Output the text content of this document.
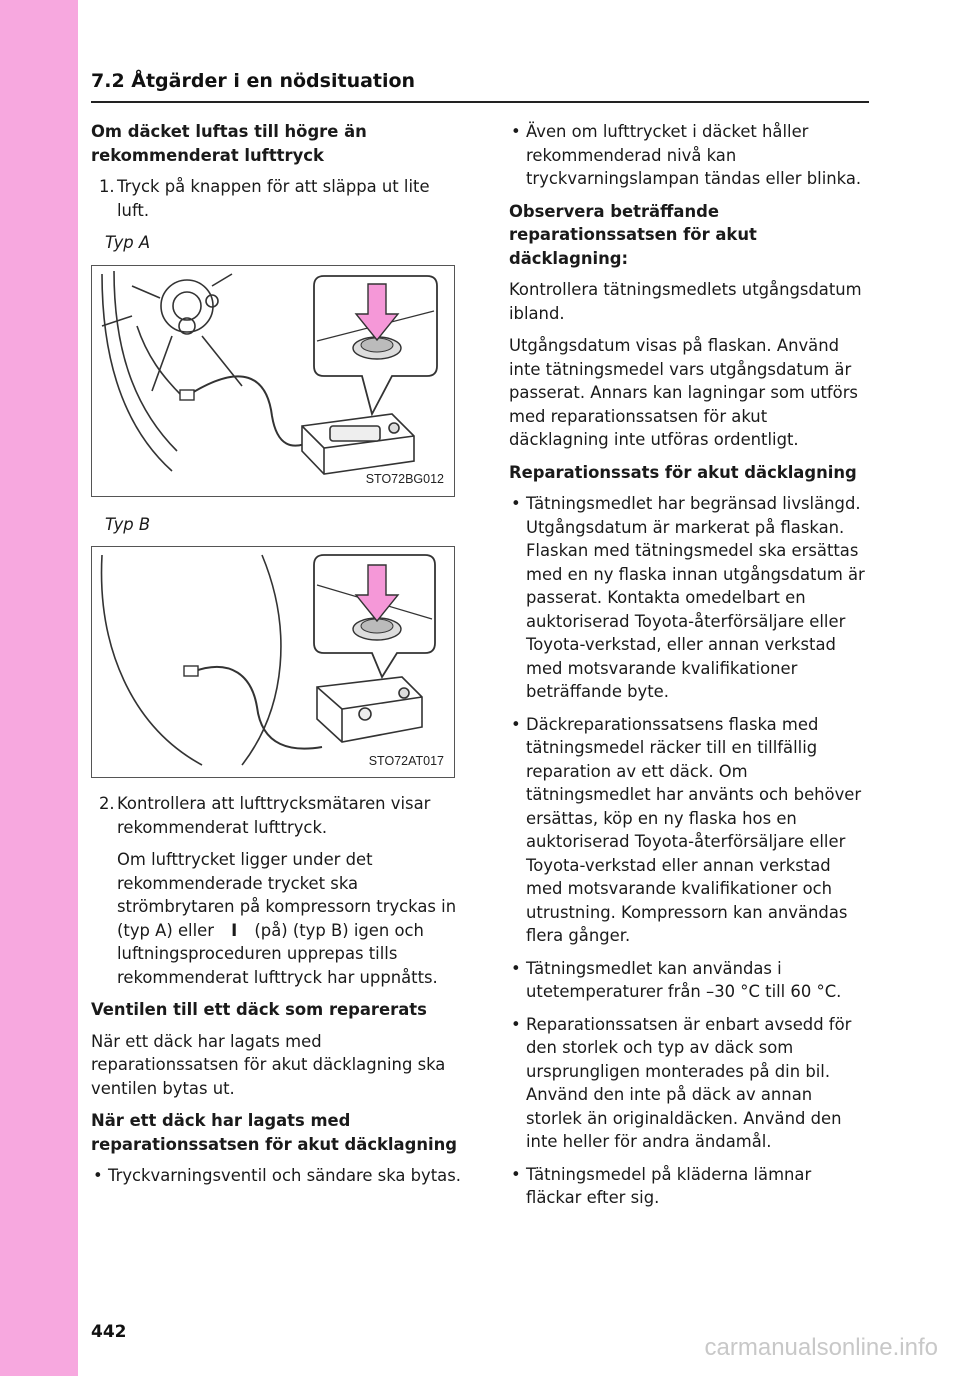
7.2 Åtgärder i en nödsituation
Om däcket luftas till högre än rekommenderat lufttryck
1. Tryck på knappen för att släppa ut lite luft.
Typ A
STO72BG012
Typ B
STO72AT017
2. Kontrollera att lufttrycksmätaren visar rekommenderat lufttryck.
Om lufttrycket ligger under det rekommenderade trycket ska strömbrytaren på kompressorn tryckas in (typ A) eller I (på) (typ B) igen och luftningsproceduren upprepas tills rekommenderat lufttryck har uppnåtts.
Ventilen till ett däck som reparerats

När ett däck har lagats med reparationssatsen för akut däcklagning ska ventilen bytas ut.

När ett däck har lagats med reparationssatsen för akut däcklagning
• Tryckvarningsventil och sändare ska bytas.
• Även om lufttrycket i däcket håller rekommenderad nivå kan tryckvarningslampan tändas eller blinka.
Observera beträffande reparationssatsen för akut däcklagning:

Kontrollera tätningsmedlets utgångsdatum ibland.

Utgångsdatum visas på flaskan. Använd inte tätningsmedel vars utgångsdatum är passerat. Annars kan lagningar som utförs med reparationssatsen för akut däcklagning inte utföras ordentligt.

Reparationssats för akut däcklagning
• Tätningsmedlet har begränsad livslängd. Utgångsdatum är markerat på flaskan. Flaskan med tätningsmedel ska ersättas med en ny flaska innan utgångsdatum är passerat. Kontakta omedelbart en auktoriserad Toyota-återförsäljare eller Toyota-verkstad, eller annan verkstad med motsvarande kvalifikationer beträffande byte.
• Däckreparationssatsens flaska med tätningsmedel räcker till en tillfällig reparation av ett däck. Om tätningsmedlet har använts och behöver ersättas, köp en ny flaska hos en auktoriserad Toyota-återförsäljare eller Toyota-verkstad eller annan verkstad med motsvarande kvalifikationer och utrustning. Kompressorn kan användas flera gånger.
• Tätningsmedlet kan användas i utetemperaturer från –30 °C till 60 °C.
• Reparationssatsen är enbart avsedd för den storlek och typ av däck som ursprungligen monterades på din bil. Använd den inte på däck av annan storlek än originaldäcken. Använd den inte heller för andra ändamål.
• Tätningsmedel på kläderna lämnar fläckar efter sig.
442
carmanualsonline.info
